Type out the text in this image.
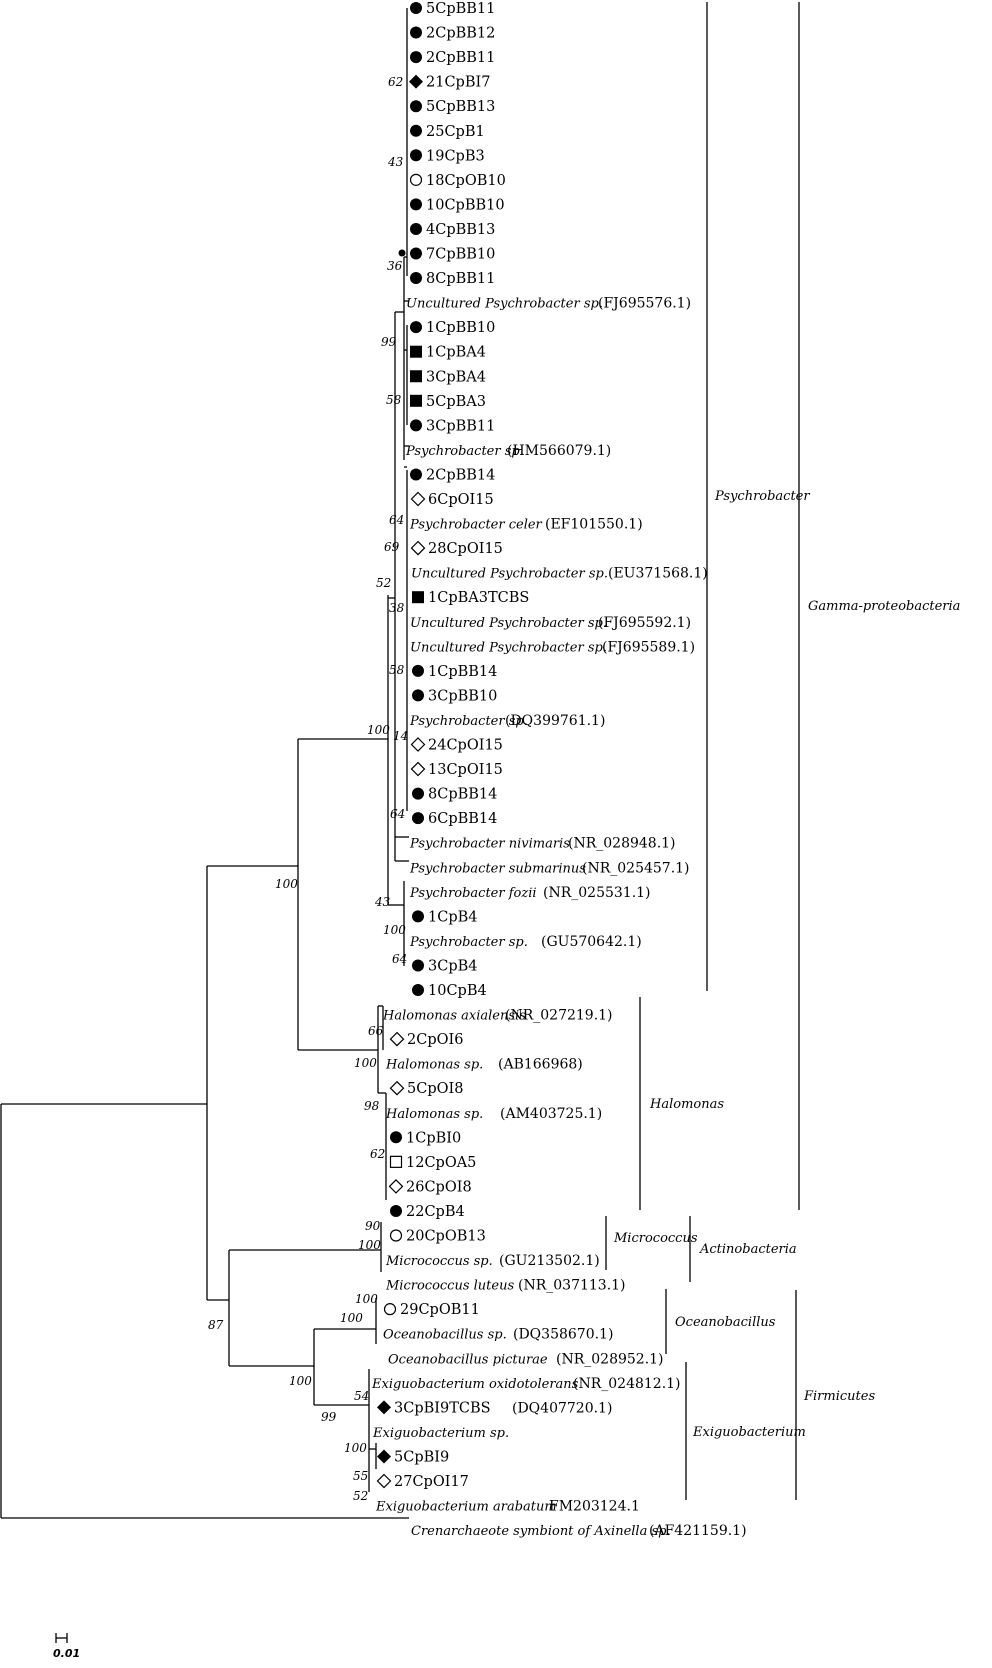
5CpBB11
2CpBB12
2CpBB11
21CpBI7
5CpBB13
25CpB1
19CpB3
18CpOB10
10CpBB10
4CpBB13
7CpBB10
8CpBB11
Uncultured Psychrobacter sp.
(FJ695576.1)
1CpBB10
1CpBA4
3CpBA4
5CpBA3
3CpBB11
Psychrobacter sp.
(HM566079.1)
2CpBB14
6CpOI15
Psychrobacter celer (EF101550.1)
28CpOI15
Uncultured Psychrobacter sp. (EU371568.1)
1CpBA3TCBS
Uncultured Psychrobacter sp.
(FJ695592.1)
Uncultured Psychrobacter sp.
(FJ695589.1)
1CpBB14
3CpBB10
Psychrobacter sp.
(DQ399761.1)
24CpOI15
13CpOI15
8CpBB14
6CpBB14
Psychrobacter nivimaris
(NR_028948.1)
Psychrobacter submarinus
(NR_025457.1)
Psychrobacter fozii (NR_025531.1)
1CpB4
Psychrobacter sp. (GU570642.1)
3CpB4
10CpB4
Halomonas axialensis
(NR_027219.1)
2CpOI6
Halomonas sp. (AB166968)
5CpOI8
Halomonas sp. (AM403725.1)
1CpBI0
12CpOA5
26CpOI8
22CpB4
20CpOB13
Micrococcus sp. (GU213502.1)
Micrococcus luteus (NR_037113.1)
29CpOB11
Oceanobacillus sp. (DQ358670.1)
Oceanobacillus picturae (NR_028952.1)
Exiguobacterium oxidotolerans
(NR_024812.1)
3CpBI9TCBS (DQ407720.1)
Exiguobacterium sp.
5CpBI9
27CpOI17
Exiguobacterium arabatum
FM203124.1
Crenarchaeote symbiont of Axinella sp.
(AF421159.1)
62
43
36
99
58
64
69
52
38
58
100 14
64
43
100
64
100
66
100
98
62
90
100
100
100
87
100
54
99
100
55
52
Psychrobacter
Halomonas
Micrococcus
Oceanobacillus
Exiguobacterium
Gamma-proteobacteria
Actinobacteria
Firmicutes
0.01
